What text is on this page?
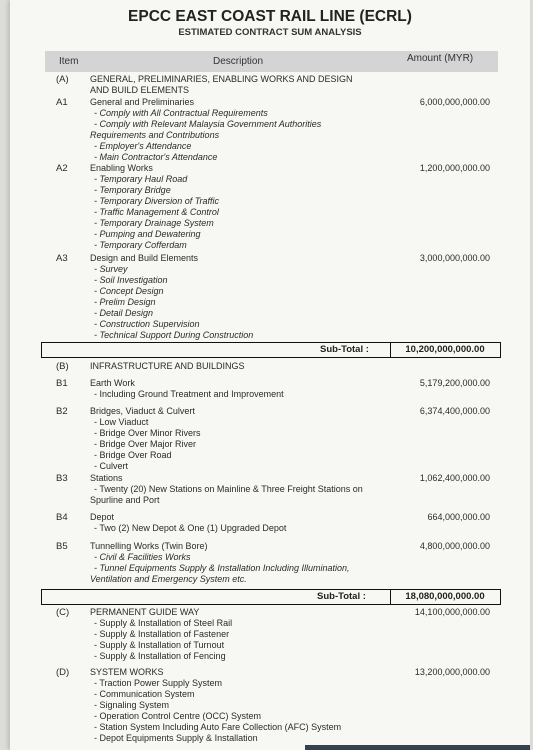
EPCC EAST COAST RAIL LINE (ECRL)
ESTIMATED CONTRACT SUM ANALYSIS
Item	Description	Amount (MYR)
(A) GENERAL, PRELIMINARIES, ENABLING WORKS AND DESIGN
AND BUILD ELEMENTS
A1 General and Preliminaries	6,000,000,000.00
- Comply with All Contractual Requirements
- Comply with Relevant Malaysia Government Authorities
Requirements and Contributions
- Employer's Attendance
- Main Contractor's Attendance
A2 Enabling Works	1,200,000,000.00
- Temporary Haul Road
- Temporary Bridge
- Temporary Diversion of Traffic
- Traffic Management & Control
- Temporary Drainage System
- Pumping and Dewatering
- Temporary Cofferdam
A3 Design and Build Elements	3,000,000,000.00
- Survey
- Soil Investigation
- Concept Design
- Prelim Design
- Detail Design
- Construction Supervision
- Technical Support During Construction
Sub-Total :	10,200,000,000.00
(B) INFRASTRUCTURE AND BUILDINGS
B1 Earth Work	5,179,200,000.00
- Including Ground Treatment and Improvement
B2 Bridges, Viaduct & Culvert	6,374,400,000.00
- Low Viaduct
- Bridge Over Minor Rivers
- Bridge Over Major River
- Bridge Over Road
- Culvert
B3 Stations	1,062,400,000.00
- Twenty (20) New Stations on Mainline & Three Freight Stations on
Spurline and Port
B4 Depot	664,000,000.00
- Two (2) New Depot & One (1) Upgraded Depot
B5 Tunnelling Works (Twin Bore)	4,800,000,000.00
- Civil & Facilities Works
- Tunnel Equipments Supply & Installation Including Illumination,
Ventilation and Emergency System etc.
Sub-Total :	18,080,000,000.00
(C) PERMANENT GUIDE WAY	14,100,000,000.00
- Supply & Installation of Steel Rail
- Supply & Installation of Fastener
- Supply & Installation of Turnout
- Supply & Installation of Fencing
(D) SYSTEM WORKS	13,200,000,000.00
- Traction Power Supply System
- Communication System
- Signaling System
- Operation Control Centre (OCC) System
- Station System Including Auto Fare Collection (AFC) System
- Depot Equipments Supply & Installation
